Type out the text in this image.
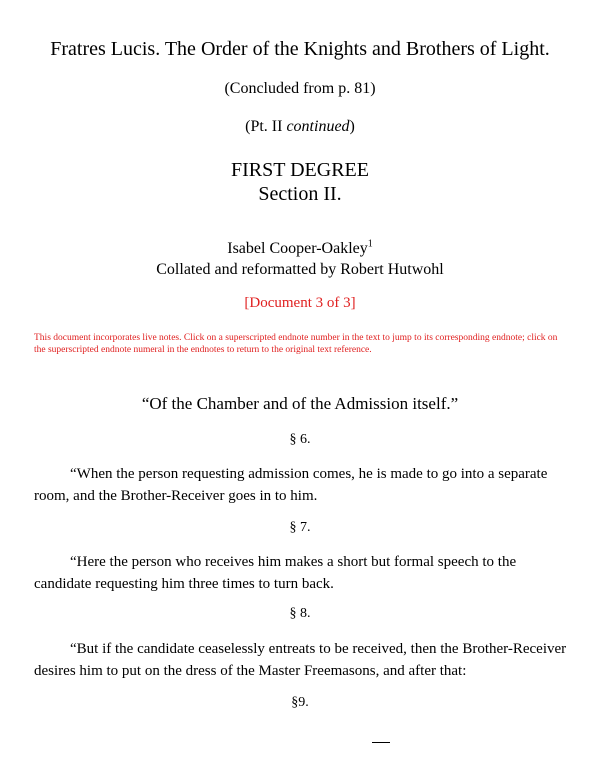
Fratres Lucis. The Order of the Knights and Brothers of Light.
(Concluded from p. 81)
(Pt. II continued)
FIRST DEGREE
Section II.
Isabel Cooper-Oakley$^1$
Collated and reformatted by Robert Hutwohl
[Document 3 of 3]
This document incorporates live notes. Click on a superscripted endnote number in the text to jump to its corresponding endnote; click on the superscripted endnote numeral in the endnotes to return to the original text reference.
“Of the Chamber and of the Admission itself.”
§ 6.
“When the person requesting admission comes, he is made to go into a separate room, and the Brother-Receiver goes in to him.
§ 7.
“Here the person who receives him makes a short but formal speech to the candidate requesting him three times to turn back.
§ 8.
“But if the candidate ceaselessly entreats to be received, then the Brother-Receiver desires him to put on the dress of the Master Freemasons, and after that:
§9.
